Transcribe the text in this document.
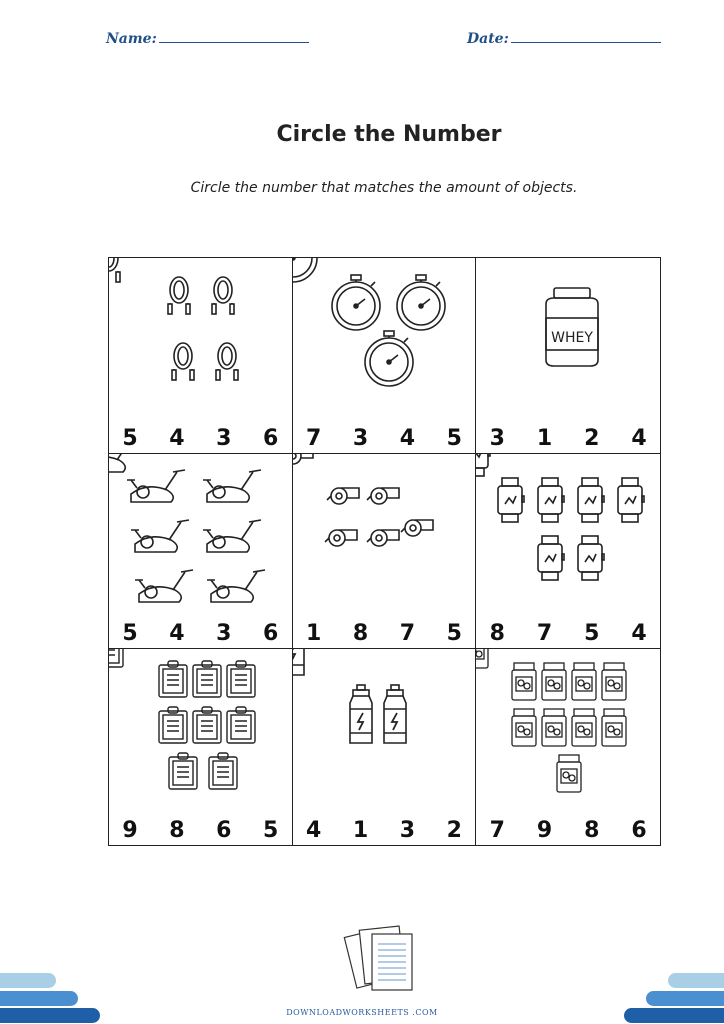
Name:	Date:
Circle the Number
Circle the number that matches the amount of objects.
5 4 3 6 7 3 4 5
WHEY
3 1 2 4
5 4 3 6 1 8 7 5 8 7 5 4
9 8 6 5 4 1 3 2 7 9 8 6
DOWNLOADWORKSHEETS .COM
